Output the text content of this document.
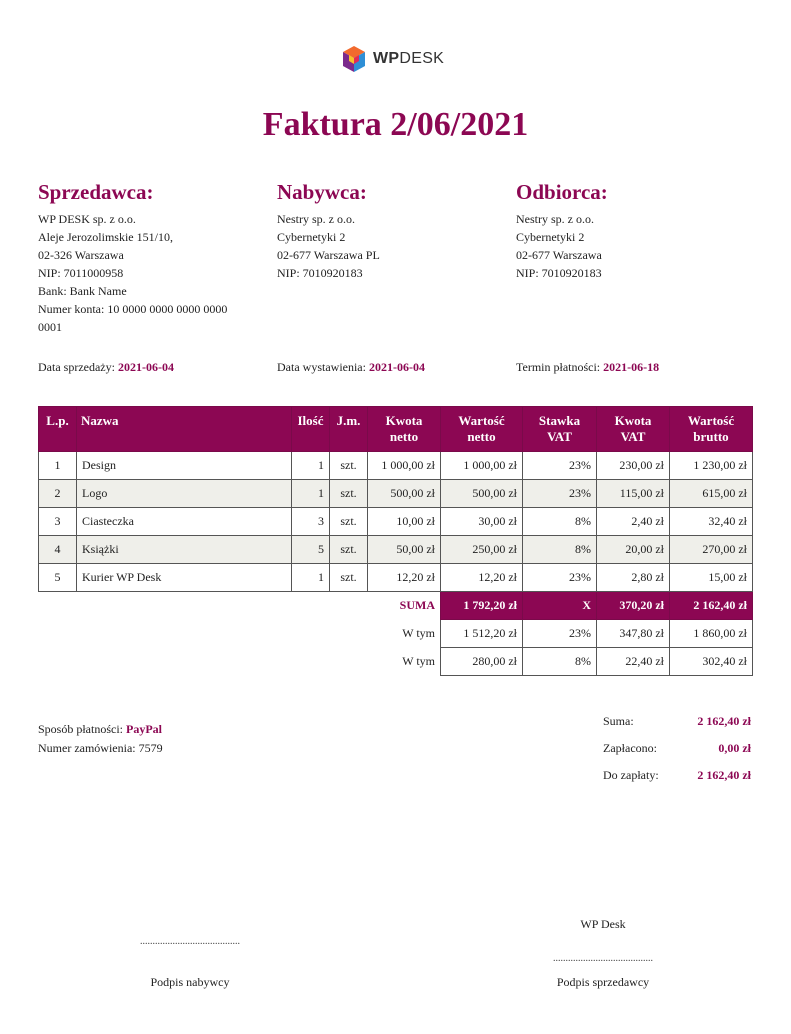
WPDESK
Faktura 2/06/2021
Sprzedawca:
WP DESK sp. z o.o.
Aleje Jerozolimskie 151/10,
02-326 Warszawa
NIP: 7011000958
Bank: Bank Name
Numer konta: 10 0000 0000 0000 0000
0001
Nabywca:
Nestry sp. z o.o.
Cybernetyki 2
02-677 Warszawa PL
NIP: 7010920183
Odbiorca:
Nestry sp. z o.o.
Cybernetyki 2
02-677 Warszawa
NIP: 7010920183
Data sprzedaży: 2021-06-04	Data wystawienia: 2021-06-04	Termin płatności: 2021-06-18
L.p.	Nazwa	Ilość	J.m.	Kwota netto	Wartość netto	Stawka VAT	Kwota VAT	Wartość brutto
1	Design	1	szt.	1 000,00 zł	1 000,00 zł	23%	230,00 zł	1 230,00 zł
2	Logo	1	szt.	500,00 zł	500,00 zł	23%	115,00 zł	615,00 zł
3	Ciasteczka	3	szt.	10,00 zł	30,00 zł	8%	2,40 zł	32,40 zł
4	Książki	5	szt.	50,00 zł	250,00 zł	8%	20,00 zł	270,00 zł
5	Kurier WP Desk	1	szt.	12,20 zł	12,20 zł	23%	2,80 zł	15,00 zł
				SUMA	1 792,20 zł	X	370,20 zł	2 162,40 zł
				W tym	1 512,20 zł	23%	347,80 zł	1 860,00 zł
				W tym	280,00 zł	8%	22,40 zł	302,40 zł
Sposób płatności: PayPal
Numer zamówienia: 7579
Suma:	2 162,40 zł
Zapłacono:	0,00 zł
Do zapłaty:	2 162,40 zł
WP Desk
........................................
........................................
Podpis nabywcy	Podpis sprzedawcy
